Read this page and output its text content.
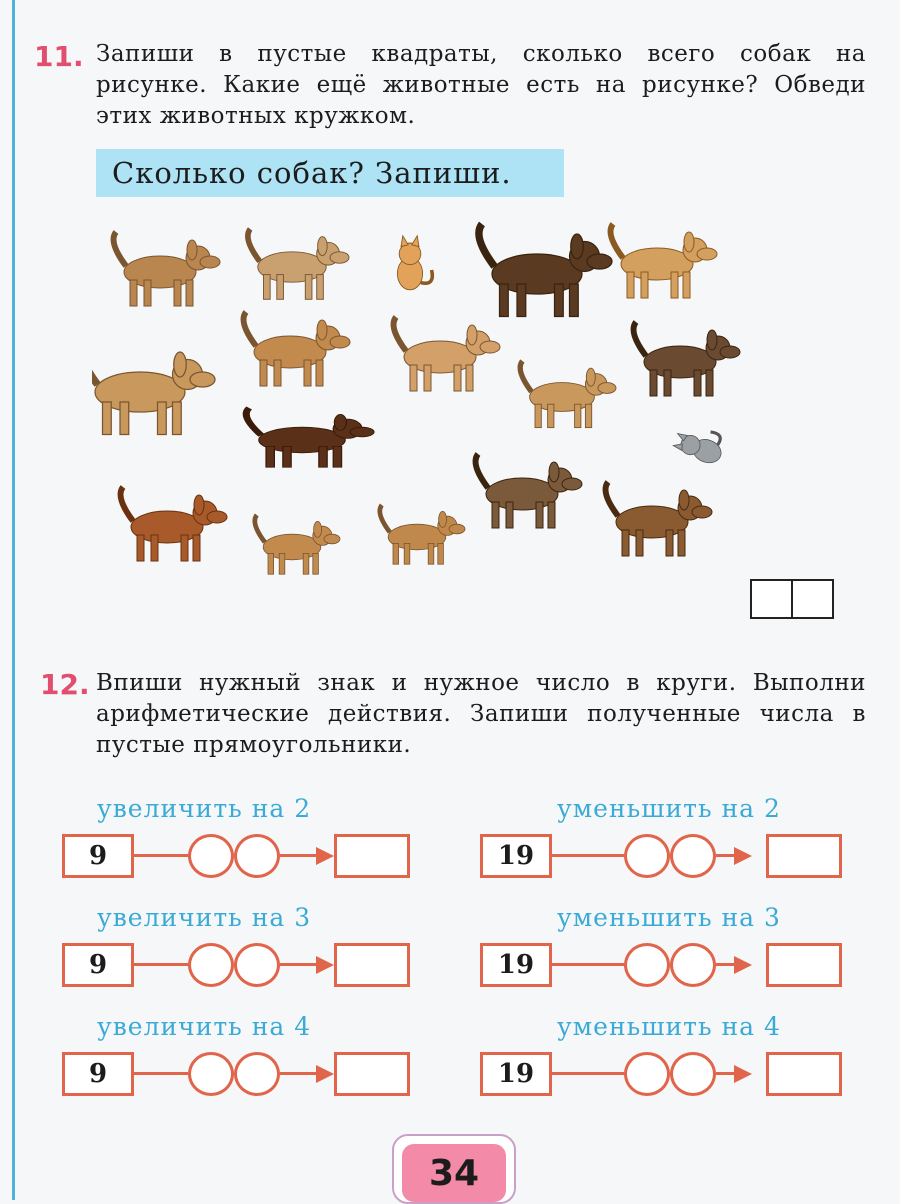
11. Запиши в пустые квадраты, сколько всего собак на рисунке. Какие ещё животные есть на рисунке? Обведи этих животных кружком.
Сколько собак? Запиши.
12. Впиши нужный знак и нужное число в круги. Выполни арифметические действия. Запиши полученные числа в пустые прямоугольники.
увеличить на 2
9
уменьшить на 2
19
увеличить на 3
9
уменьшить на 3
19
увеличить на 4
9
уменьшить на 4
19
34
